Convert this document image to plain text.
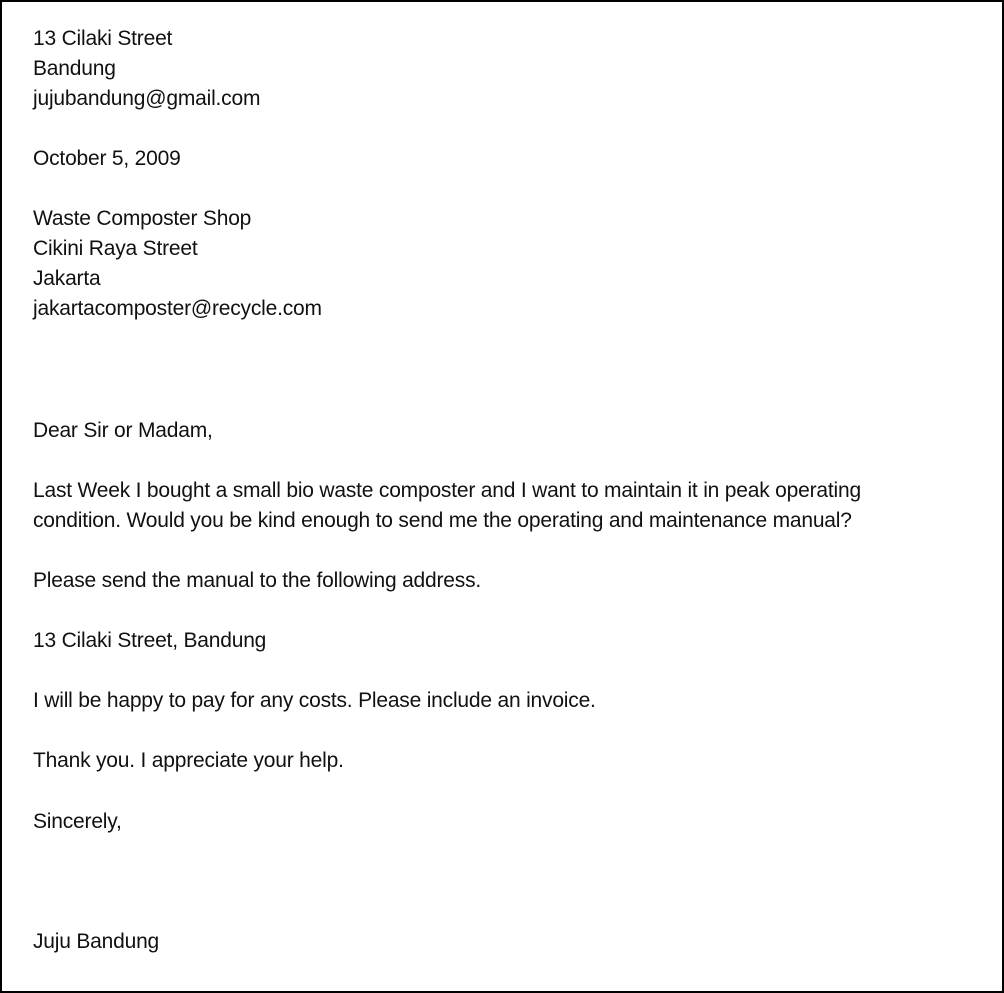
13 Cilaki Street

Bandung

jujubandung@gmail.com

October 5, 2009

Waste Composter Shop

Cikini Raya Street

Jakarta

jakartacomposter@recycle.com

Dear Sir or Madam,

Last Week I bought a small bio waste composter and I want to maintain it in peak operating

condition. Would you be kind enough to send me the operating and maintenance manual?

Please send the manual to the following address.

13 Cilaki Street, Bandung

I will be happy to pay for any costs. Please include an invoice.

Thank you. I appreciate your help.

Sincerely,

Juju Bandung
